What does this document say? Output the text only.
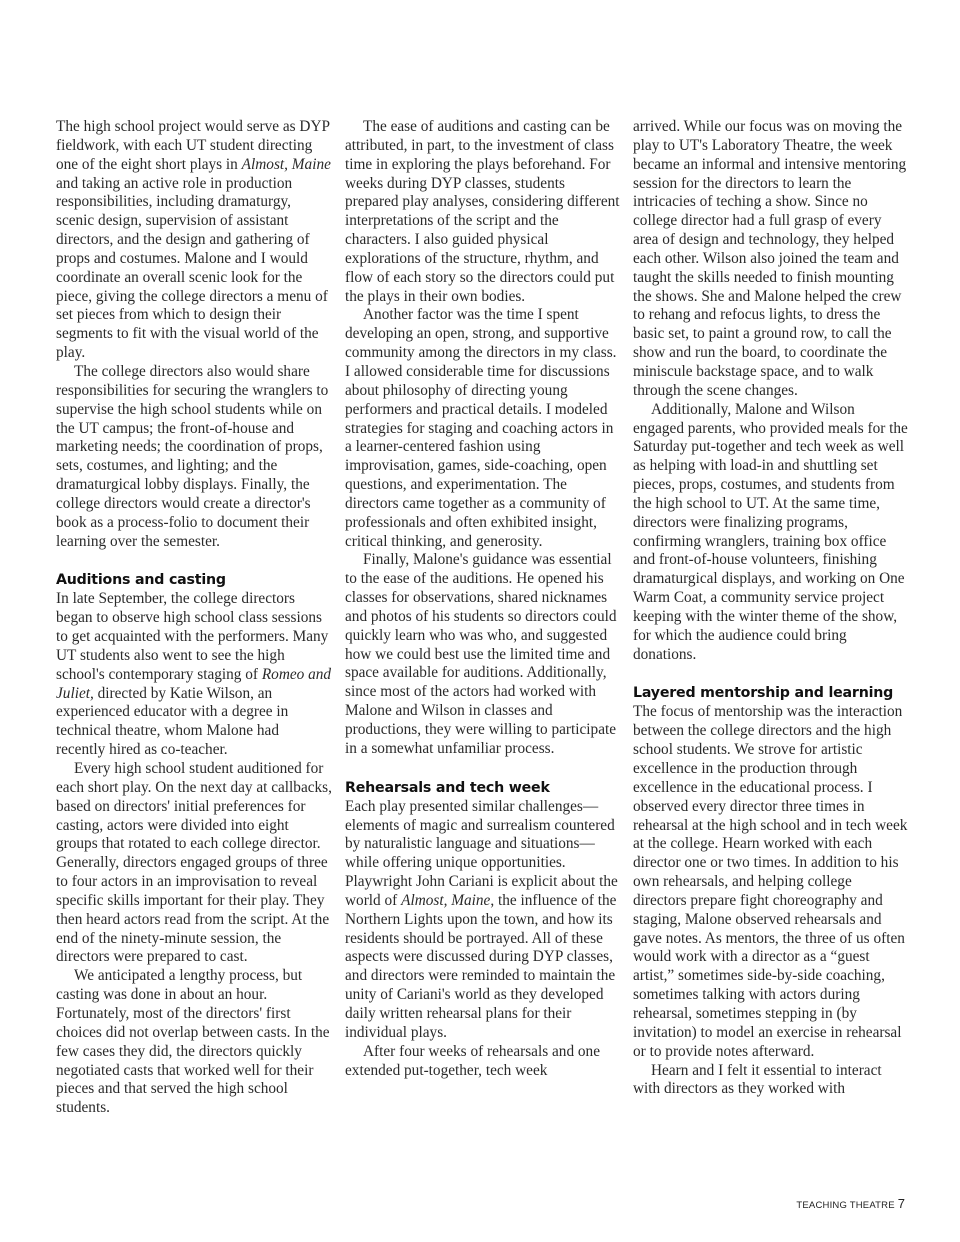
The high school project would serve as DYP fieldwork, with each UT student directing one of the eight short plays in Almost, Maine and taking an active role in production responsibilities, including dramaturgy, scenic design, supervision of assistant directors, and the design and gathering of props and costumes. Malone and I would coordinate an overall scenic look for the piece, giving the college directors a menu of set pieces from which to design their segments to fit with the visual world of the play.

The college directors also would share responsibilities for securing the wranglers to supervise the high school students while on the UT campus; the front-of-house and marketing needs; the coordination of props, sets, costumes, and lighting; and the dramaturgical lobby displays. Finally, the college directors would create a director's book as a process-folio to document their learning over the semester.

Auditions and casting

In late September, the college directors began to observe high school class sessions to get acquainted with the performers. Many UT students also went to see the high school's contemporary staging of Romeo and Juliet, directed by Katie Wilson, an experienced educator with a degree in technical theatre, whom Malone had recently hired as co-teacher.

Every high school student auditioned for each short play. On the next day at callbacks, based on directors' initial preferences for casting, actors were divided into eight groups that rotated to each college director. Generally, directors engaged groups of three to four actors in an improvisation to reveal specific skills important for their play. They then heard actors read from the script. At the end of the ninety-minute session, the directors were prepared to cast.

We anticipated a lengthy process, but casting was done in about an hour. Fortunately, most of the directors' first choices did not overlap between casts. In the few cases they did, the directors quickly negotiated casts that worked well for their pieces and that served the high school students.

The ease of auditions and casting can be attributed, in part, to the investment of class time in exploring the plays beforehand. For weeks during DYP classes, students prepared play analyses, considering different interpretations of the script and the characters. I also guided physical explorations of the structure, rhythm, and flow of each story so the directors could put the plays in their own bodies.

Another factor was the time I spent developing an open, strong, and supportive community among the directors in my class. I allowed considerable time for discussions about philosophy of directing young performers and practical details. I modeled strategies for staging and coaching actors in a learner-centered fashion using improvisation, games, side-coaching, open questions, and experimentation. The directors came together as a community of professionals and often exhibited insight, critical thinking, and generosity.

Finally, Malone's guidance was essential to the ease of the auditions. He opened his classes for observations, shared nicknames and photos of his students so directors could quickly learn who was who, and suggested how we could best use the limited time and space available for auditions. Additionally, since most of the actors had worked with Malone and Wilson in classes and productions, they were willing to participate in a somewhat unfamiliar process.

Rehearsals and tech week

Each play presented similar challenges—elements of magic and surrealism countered by naturalistic language and situations—while offering unique opportunities. Playwright John Cariani is explicit about the world of Almost, Maine, the influence of the Northern Lights upon the town, and how its residents should be portrayed. All of these aspects were discussed during DYP classes, and directors were reminded to maintain the unity of Cariani's world as they developed daily written rehearsal plans for their individual plays.

After four weeks of rehearsals and one extended put-together, tech week

arrived. While our focus was on moving the play to UT's Laboratory Theatre, the week became an informal and intensive mentoring session for the directors to learn the intricacies of teching a show. Since no college director had a full grasp of every area of design and technology, they helped each other. Wilson also joined the team and taught the skills needed to finish mounting the shows. She and Malone helped the crew to rehang and refocus lights, to dress the basic set, to paint a ground row, to call the show and run the board, to coordinate the miniscule backstage space, and to walk through the scene changes.

Additionally, Malone and Wilson engaged parents, who provided meals for the Saturday put-together and tech week as well as helping with load-in and shuttling set pieces, props, costumes, and students from the high school to UT. At the same time, directors were finalizing programs, confirming wranglers, training box office and front-of-house volunteers, finishing dramaturgical displays, and working on One Warm Coat, a community service project keeping with the winter theme of the show, for which the audience could bring donations.

Layered mentorship and learning

The focus of mentorship was the interaction between the college directors and the high school students. We strove for artistic excellence in the production through excellence in the educational process. I observed every director three times in rehearsal at the high school and in tech week at the college. Hearn worked with each director one or two times. In addition to his own rehearsals, and helping college directors prepare fight choreography and staging, Malone observed rehearsals and gave notes. As mentors, the three of us often would work with a director as a “guest artist,” sometimes side-by-side coaching, sometimes talking with actors during rehearsal, sometimes stepping in (by invitation) to model an exercise in rehearsal or to provide notes afterward.

Hearn and I felt it essential to interact with directors as they worked with

TEACHING THEATRE 7
